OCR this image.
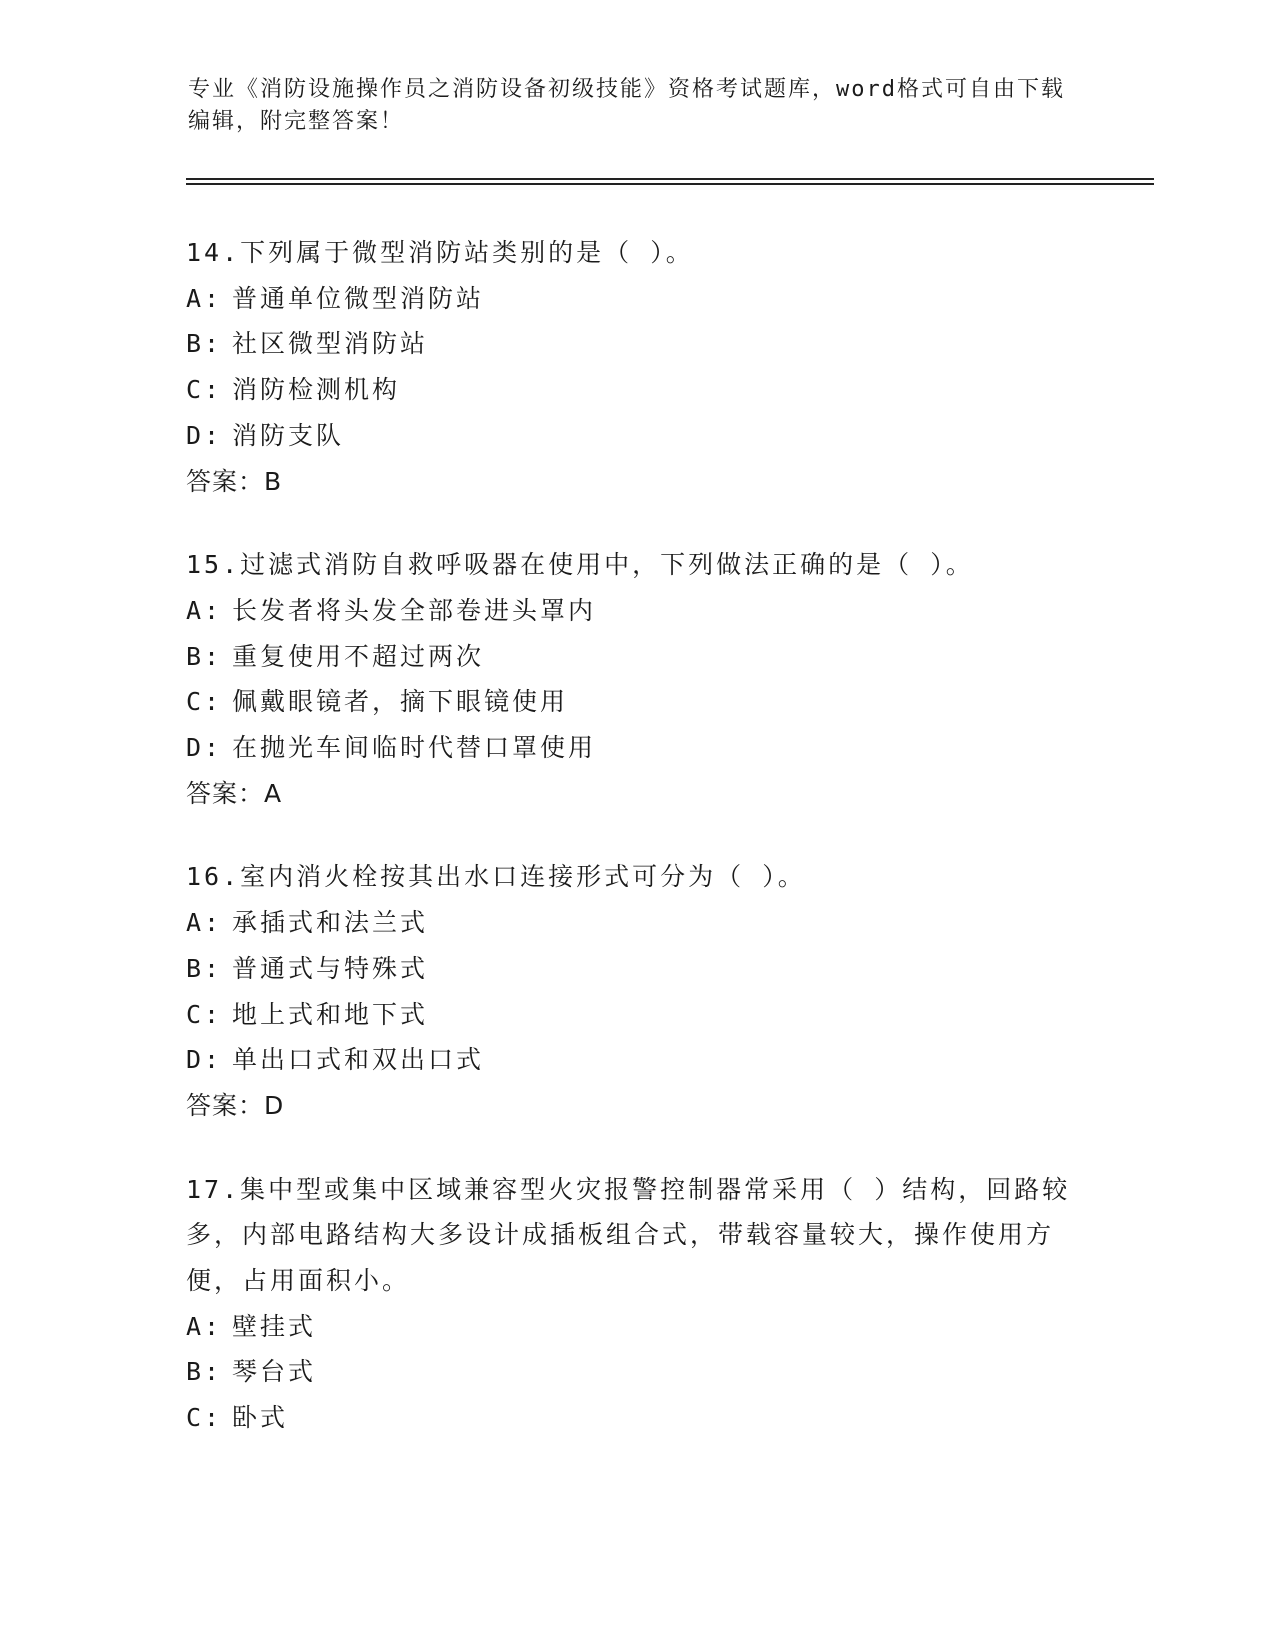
专业《消防设施操作员之消防设备初级技能》资格考试题库，word格式可自由下载编辑，附完整答案！
14.下列属于微型消防站类别的是（ ）。
A: 普通单位微型消防站
B: 社区微型消防站
C: 消防检测机构
D: 消防支队
答案：B
15.过滤式消防自救呼吸器在使用中，下列做法正确的是（ ）。
A: 长发者将头发全部卷进头罩内
B: 重复使用不超过两次
C: 佩戴眼镜者，摘下眼镜使用
D: 在抛光车间临时代替口罩使用
答案：A
16.室内消火栓按其出水口连接形式可分为（ ）。
A: 承插式和法兰式
B: 普通式与特殊式
C: 地上式和地下式
D: 单出口式和双出口式
答案：D
17.集中型或集中区域兼容型火灾报警控制器常采用（ ）结构，回路较多，内部电路结构大多设计成插板组合式，带载容量较大，操作使用方便，占用面积小。
A: 壁挂式
B: 琴台式
C: 卧式
